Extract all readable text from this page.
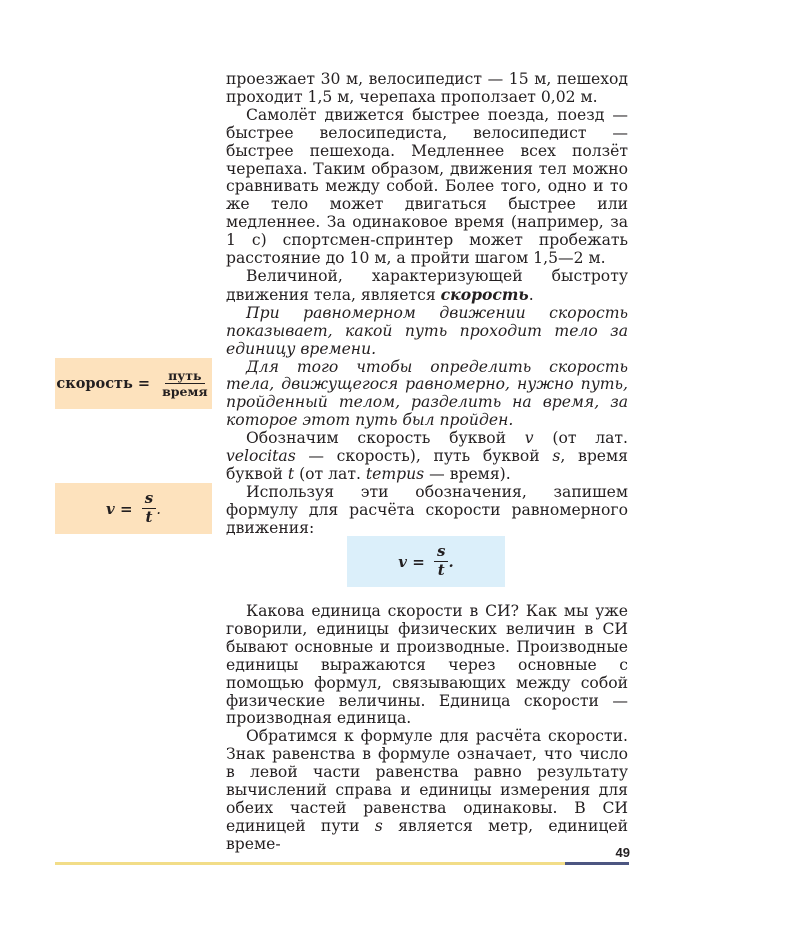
проезжает 30 м, велосипедист — 15 м, пешеход проходит 1,5 м, черепаха проползает 0,02 м.

Самолёт движется быстрее поезда, поезд — быстрее велосипедиста, велосипедист — быстрее пешехода. Медленнее всех ползёт черепаха. Таким образом, движения тел можно сравнивать между собой. Более того, одно и то же тело может двигаться быстрее или медленнее. За одинаковое время (например, за 1 с) спортсмен-спринтер может пробежать расстояние до 10 м, а пройти шагом 1,5—2 м.

Величиной, характеризующей быстроту движения тела, является скорость.

При равномерном движении скорость показывает, какой путь проходит тело за единицу времени.

Для того чтобы определить скорость тела, движущегося равномерно, нужно путь, пройденный телом, разделить на время, за которое этот путь был пройден.

Обозначим скорость буквой v (от лат. velocitas — скорость), путь буквой s, время буквой t (от лат. tempus — время).

Используя эти обозначения, запишем формулу для расчёта скорости равномерного движения:

$v = \frac{s}{t}$ .

Какова единица скорости в СИ? Как мы уже говорили, единицы физических величин в СИ бывают основные и производные. Производные единицы выражаются через основные с помощью формул, связывающих между собой физические величины. Единица скорости — производная единица.

Обратимся к формуле для расчёта скорости. Знак равенства в формуле означает, что число в левой части равенства равно результату вычислений справа и единицы измерения для обеих частей равенства одинаковы. В СИ единицей пути s является метр, единицей време-

скорость = $\frac{\text{путь}}{\text{время}}$
$v = \frac{s}{t}$ .
49
